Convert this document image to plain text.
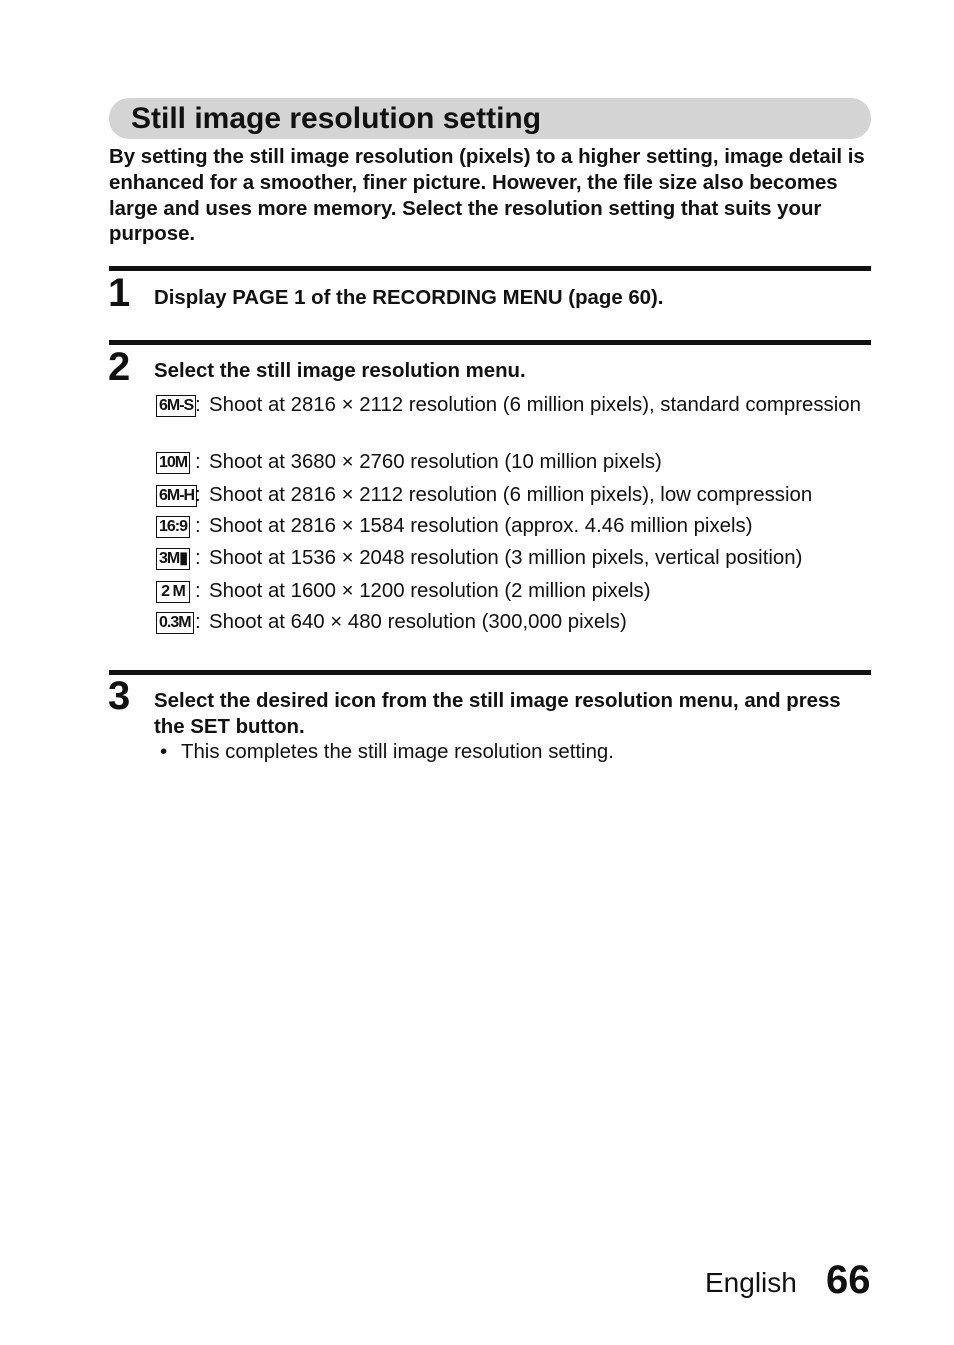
Still image resolution setting
By setting the still image resolution (pixels) to a higher setting, image detail is enhanced for a smoother, finer picture. However, the file size also becomes large and uses more memory. Select the resolution setting that suits your purpose.
1 Display PAGE 1 of the RECORDING MENU (page 60).
2 Select the still image resolution menu.
6M-S : Shoot at 2816 × 2112 resolution (6 million pixels), standard compression
10M : Shoot at 3680 × 2760 resolution (10 million pixels)
6M-H : Shoot at 2816 × 2112 resolution (6 million pixels), low compression
16:9 : Shoot at 2816 × 1584 resolution (approx. 4.46 million pixels)
3M▮ : Shoot at 1536 × 2048 resolution (3 million pixels, vertical position)
2 M : Shoot at 1600 × 1200 resolution (2 million pixels)
0.3M : Shoot at 640 × 480 resolution (300,000 pixels)
3 Select the desired icon from the still image resolution menu, and press the SET button.
• This completes the still image resolution setting.
English 66
